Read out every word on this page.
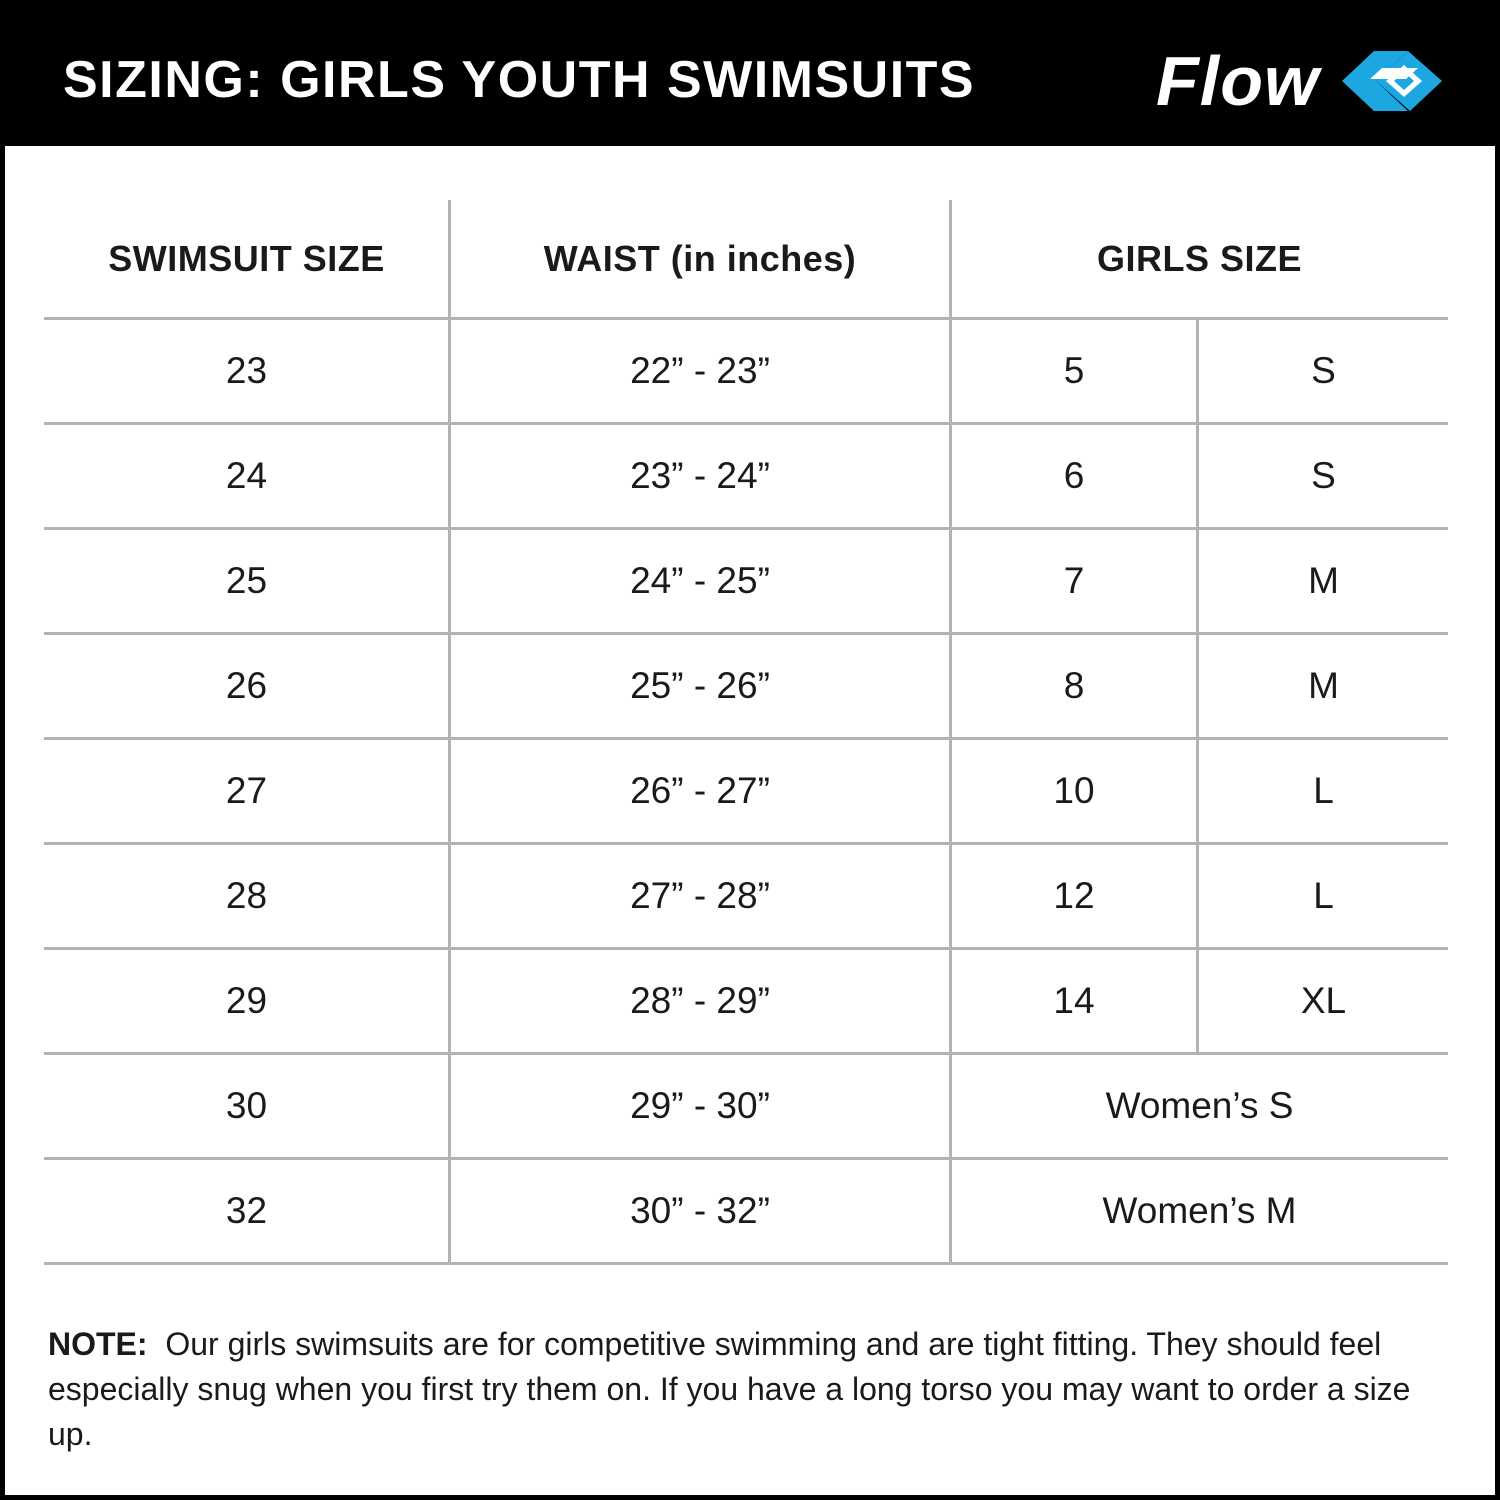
SIZING: GIRLS YOUTH SWIMSUITS	Flow
SWIMSUIT SIZE	WAIST (in inches)	GIRLS SIZE
23	22” - 23”	5	S
24	23” - 24”	6	S
25	24” - 25”	7	M
26	25” - 26”	8	M
27	26” - 27”	10	L
28	27” - 28”	12	L
29	28” - 29”	14	XL
30	29” - 30”	Women’s S
32	30” - 32”	Women’s M
NOTE: Our girls swimsuits are for competitive swimming and are tight fitting. They should feel especially snug when you first try them on. If you have a long torso you may want to order a size up.
